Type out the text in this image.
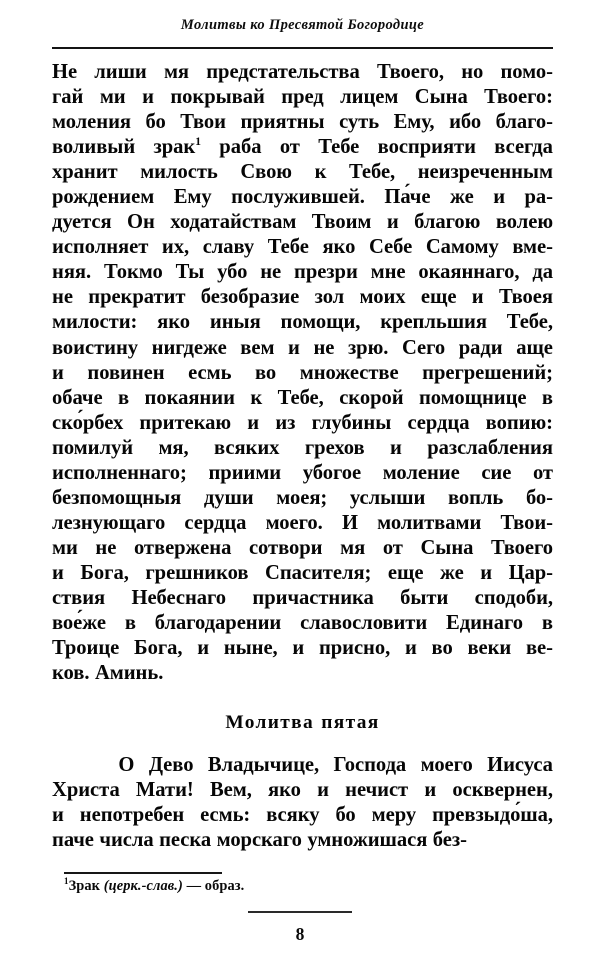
Молитвы ко Пресвятой Богородице

Не лиши мя предстательства Твоего, но помо-
гай ми и покрывай пред лицем Сына Твоего:
моления бо Твои приятны суть Ему, ибо благо-
воливый зрак$^1$ раба от Тебе восприяти всегда
хранит милость Свою к Тебе, неизреченным
рождением Ему послужившей. Па́че же и ра-
дуется Он ходатайствам Твоим и благою волею
исполняет их, славу Тебе яко Себе Самому вме-
няя. Токмо Ты убо не презри мне окаяннаго, да
не прекратит безобразие зол моих еще и Твоея
милости: яко иныя помощи, крепльшия Тебе,
воистину нигдеже вем и не зрю. Сего ради аще
и повинен есмь во множестве прегрешений;
обаче в покаянии к Тебе, скорой помощнице в
ско́рбех притекаю и из глубины сердца вопию:
помилуй мя, всяких грехов и разслабления
исполненнаго; приими убогое моление сие от
безпомощныя души моея; услыши вопль бо-
лезнующаго сердца моего. И молитвами Твои-
ми не отвержена сотвори мя от Сына Твоего
и Бога, грешников Спасителя; еще же и Цар-
ствия Небеснаго причастника быти сподоби,
вое́же в благодарении славословити Единаго в
Троице Бога, и ныне, и присно, и во веки ве-
ков. Аминь.

Молитва пятая

О Дево Владычице, Господа моего Иисуса
Христа Мати! Вем, яко и нечист и осквернен,
и непотребен есмь: всяку бо меру превзыдо́ша,
паче числа песка морскаго умножишася без-

$^1$Зрак (церк.-слав.) — образ.

8
